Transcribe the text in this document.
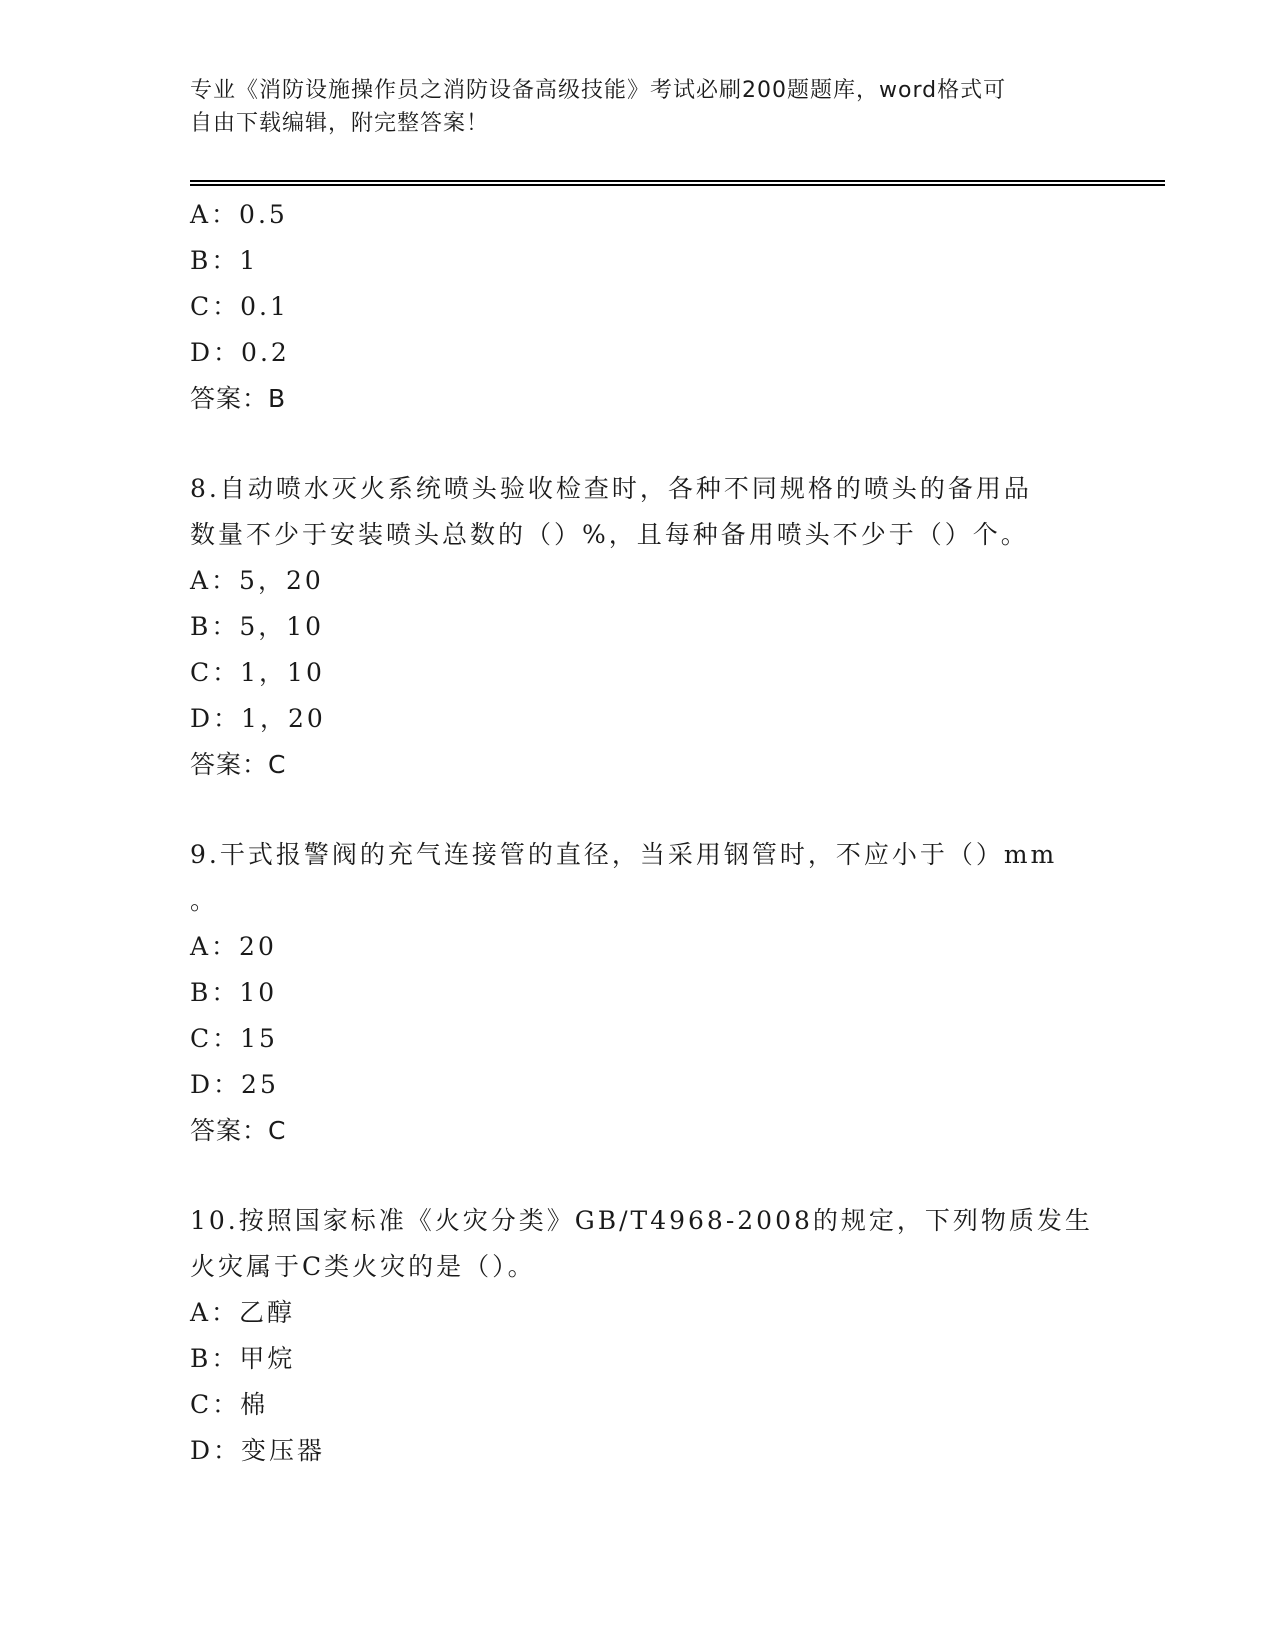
专业《消防设施操作员之消防设备高级技能》考试必刷200题题库，word格式可
自由下载编辑，附完整答案！
A：0.5
B：1
C：0.1
D：0.2
答案：B
8.自动喷水灭火系统喷头验收检查时，各种不同规格的喷头的备用品
数量不少于安装喷头总数的（）%，且每种备用喷头不少于（）个。
A：5，20
B：5，10
C：1，10
D：1，20
答案：C
9.干式报警阀的充气连接管的直径，当采用钢管时，不应小于（）mm
。
A：20
B：10
C：15
D：25
答案：C
10.按照国家标准《火灾分类》GB/T4968-2008的规定，下列物质发生
火灾属于C类火灾的是（）。
A：乙醇
B：甲烷
C：棉
D：变压器
